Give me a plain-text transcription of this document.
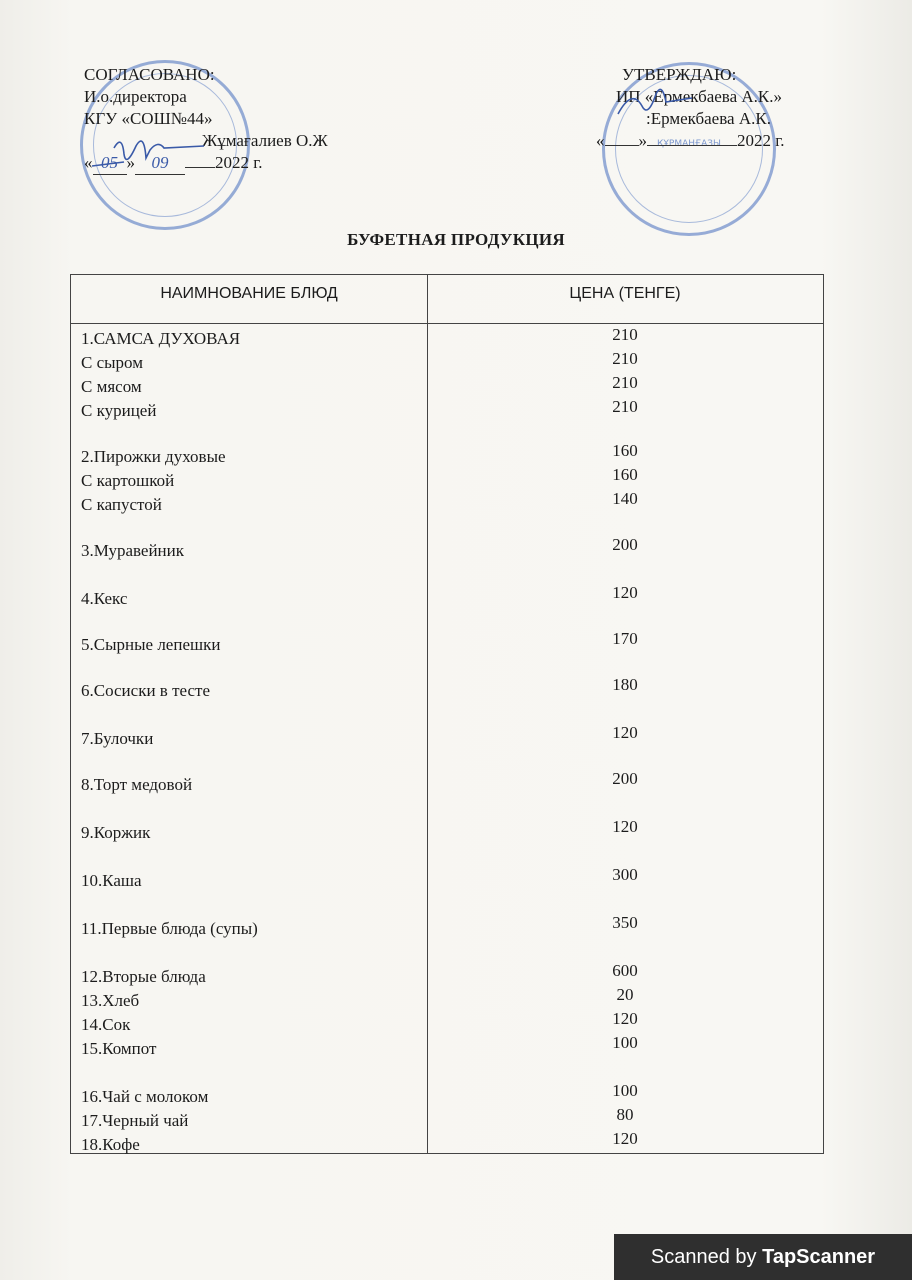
СОГЛАСОВАНО:
И.о.директора
КГУ «СОШ№44»
Жұмағалиев О.Ж
« 05 » 09	2022 г.
ҚҰРМАНҒАЗЫ
УТВЕРЖДАЮ:
ИП «Ермекбаева А.К.»
:Ермекбаева А.К.
« »	2022 г.
БУФЕТНАЯ ПРОДУКЦИЯ
НАИМНОВАНИЕ БЛЮД	ЦЕНА (ТЕНГЕ)
1.САМСА ДУХОВАЯ	210
С сыром	210
С мясом	210
С курицей	210
2.Пирожки духовые	160
С картошкой	160
С капустой	140
3.Муравейник	200
4.Кекс	120
5.Сырные лепешки	170
6.Сосиски в тесте	180
7.Булочки	120
8.Торт медовой	200
9.Коржик	120
10.Каша	300
11.Первые блюда (супы)	350
12.Вторые блюда	600
13.Хлеб	20
14.Сок	120
15.Компот	100
16.Чай с молоком	100
17.Черный чай	80
18.Кофе	120
Scanned by TapScanner
